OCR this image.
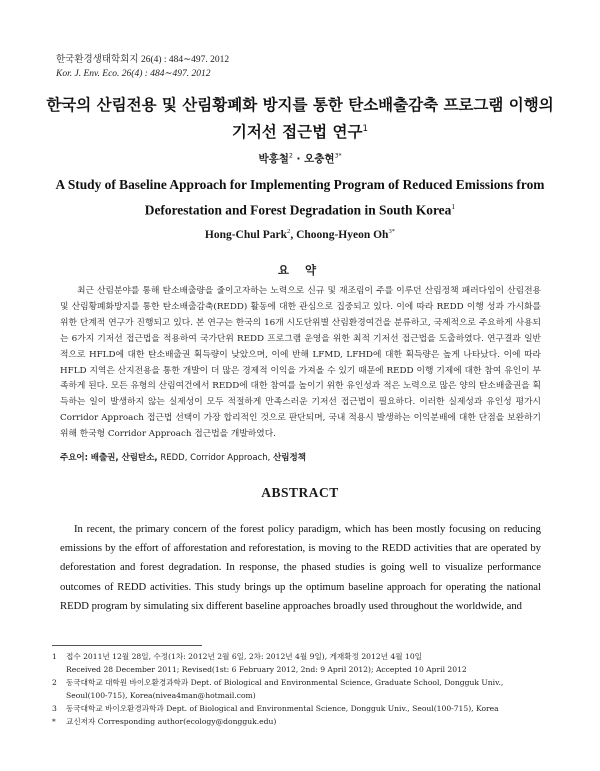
한국환경생태학회지 26(4) : 484∼497. 2012
Kor. J. Env. Eco. 26(4) : 484∼497. 2012
한국의 산림전용 및 산림황폐화 방지를 통한 탄소배출감축 프로그램 이행의
기저선 접근법 연구$^1$
박홍철$^2$ · 오충현$^{3*}$
A Study of Baseline Approach for Implementing Program of Reduced Emissions from
Deforestation and Forest Degradation in South Korea$^1$
Hong-Chul Park$^2$, Choong-Hyeon $Oh^{3*}$
요 약

최근 산림분야를 통해 탄소배출량을 줄이고자하는 노력으로 신규 및 재조림이 주를 이루던 산림정책 패러다임이 산림전용 및 산림황폐화방지를 통한 탄소배출감축(REDD) 활동에 대한 관심으로 집중되고 있다. 이에 따라 REDD 이행 성과 가시화를 위한 단계적 연구가 진행되고 있다. 본 연구는 한국의 16개 시도단위별 산림환경여건을 분류하고, 국제적으로 주요하게 사용되는 6가지 기저선 접근법을 적용하여 국가단위 REDD 프로그램 운영을 위한 최적 기저선 접근법을 도출하였다. 연구결과 일반적으로 HFLD에 대한 탄소배출권 획득량이 낮았으며, 이에 반해 LFMD, LFHD에 대한 획득량은 높게 나타났다. 이에 따라 HFLD 지역은 산지전용을 통한 개발이 더 많은 경제적 이익을 가져올 수 있기 때문에 REDD 이행 기제에 대한 참여 유인이 부족하게 된다. 모든 유형의 산림여건에서 REDD에 대한 참여를 높이기 위한 유인성과 적은 노력으로 많은 양의 탄소배출권을 획득하는 일이 발생하지 않는 실제성이 모두 적절하게 만족스러운 기저선 접근법이 필요하다. 이러한 실제성과 유인성 평가시 Corridor Approach 접근법 선택이 가장 합리적인 것으로 판단되며, 국내 적용시 발생하는 이익분배에 대한 단점을 보완하기 위해 한국형 Corridor Approach 접근법을 개발하였다.

주요어: 배출권, 산림탄소, REDD, Corridor Approach, 산림정책
ABSTRACT

In recent, the primary concern of the forest policy paradigm, which has been mostly focusing on reducing emissions by the effort of afforestation and reforestation, is moving to the REDD activities that are operated by deforestation and forest degradation. In response, the phased studies is going well to visualize performance outcomes of REDD activities. This study brings up the optimum baseline approach for operating the national REDD program by simulating six different baseline approaches broadly used throughout the worldwide, and

1	접수 2011년 12월 28일, 수정(1차: 2012년 2월 6일, 2차: 2012년 4월 9일), 게재확정 2012년 4월 10일
Received 28 December 2011; Revised(1st: 6 February 2012, 2nd: 9 April 2012); Accepted 10 April 2012
2	동국대학교 대학원 바이오환경과학과 Dept. of Biological and Environmental Science, Graduate School, Dongguk Univ.,
Seoul(100-715), Korea(nivea4man@hotmail.com)
3	동국대학교 바이오환경과학과 Dept. of Biological and Environmental Science, Dongguk Univ., Seoul(100-715), Korea
*	교신저자 Corresponding author(ecology@dongguk.edu)
